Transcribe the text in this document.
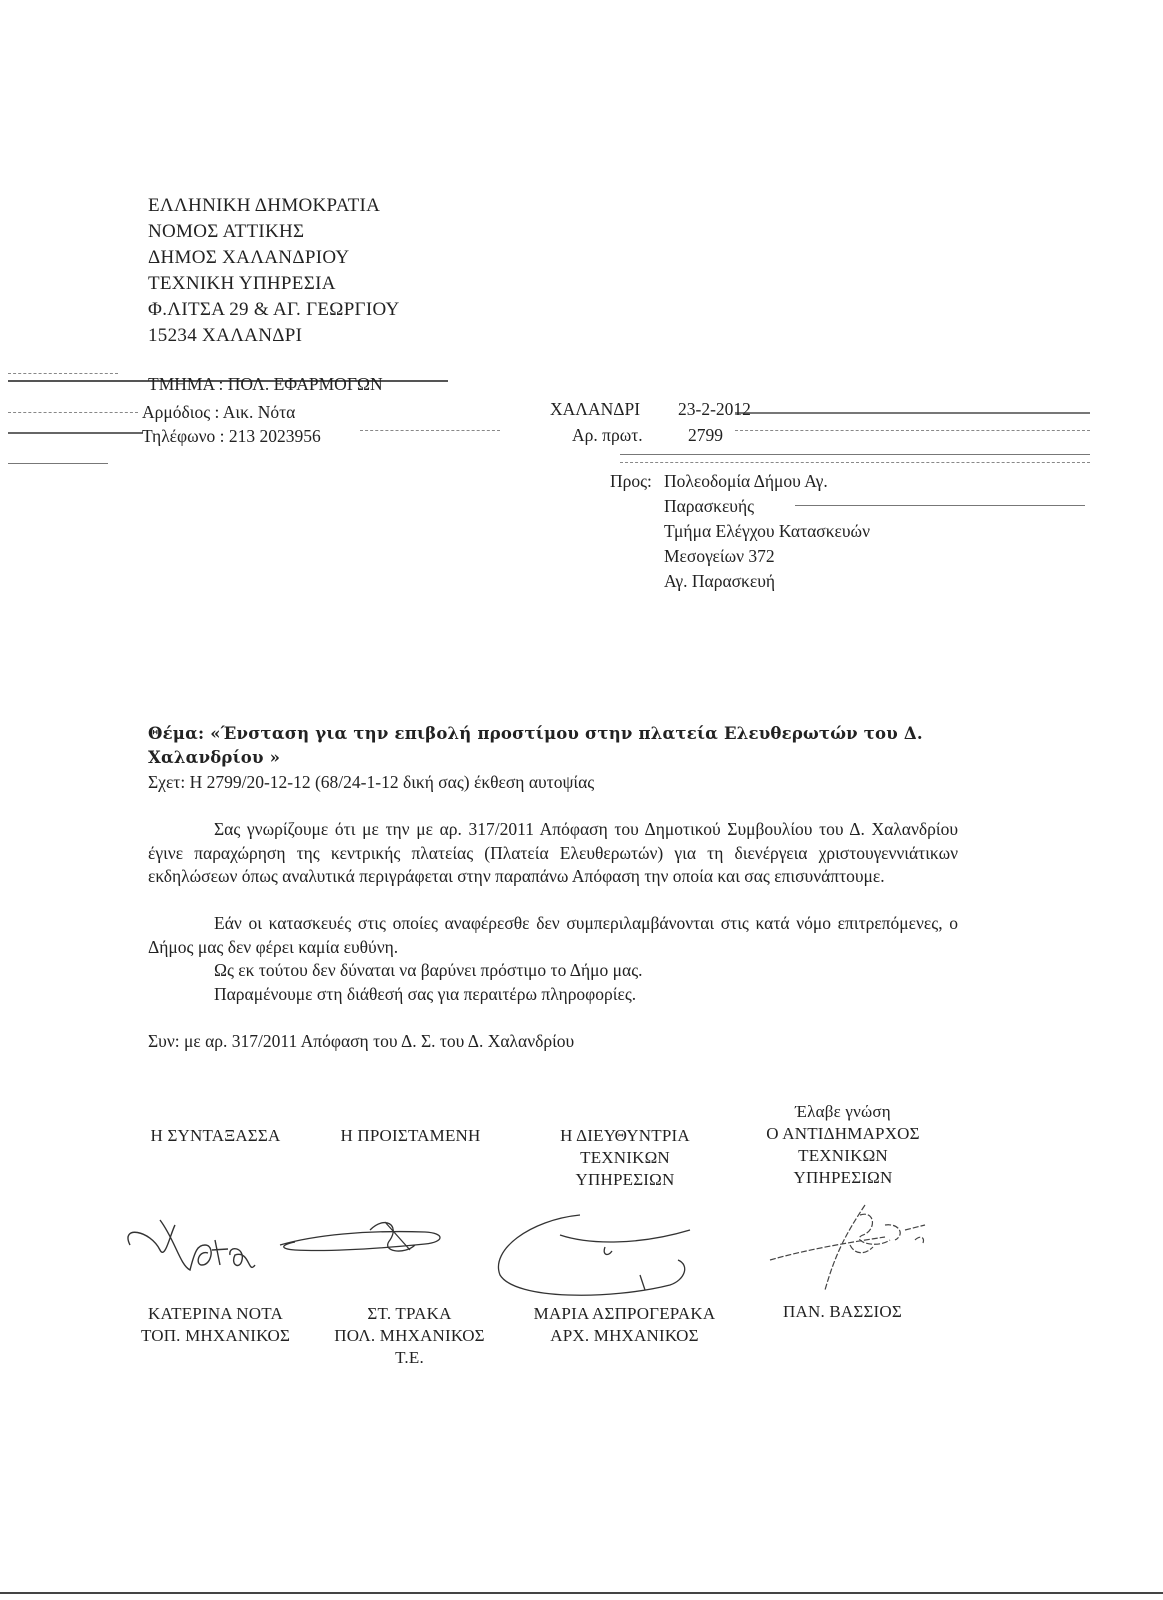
ΕΛΛΗΝΙΚΗ ΔΗΜΟΚΡΑΤΙΑ
ΝΟΜΟΣ ΑΤΤΙΚΗΣ
ΔΗΜΟΣ ΧΑΛΑΝΔΡΙΟΥ
ΤΕΧΝΙΚΗ ΥΠΗΡΕΣΙΑ
Φ.ΛΙΤΣΑ 29 & ΑΓ. ΓΕΩΡΓΙΟΥ
15234 ΧΑΛΑΝΔΡΙ
ΤΜΗΜΑ : ΠΟΛ. ΕΦΑΡΜΟΓΩΝ
Αρμόδιος : Αικ. Νότα
Τηλέφωνο : 213 2023956
ΧΑΛΑΝΔΡΙ 23-2-2012
Αρ. πρωτ.	2799
Προς: Πολεοδομία Δήμου Αγ.
Παρασκευής
Τμήμα Ελέγχου Κατασκευών
Μεσογείων 372
Αγ. Παρασκευή
Θέμα: «Ένσταση για την επιβολή προστίμου στην πλατεία Ελευθερωτών του Δ.
Χαλανδρίου »
Σχετ: Η 2799/20-12-12 (68/24-1-12 δική σας) έκθεση αυτοψίας
Σας γνωρίζουμε ότι με την με αρ. 317/2011 Απόφαση του Δημοτικού Συμβουλίου του Δ. Χαλανδρίου έγινε παραχώρηση της κεντρικής πλατείας (Πλατεία Ελευθερωτών) για τη διενέργεια χριστουγεννιάτικων εκδηλώσεων όπως αναλυτικά περιγράφεται στην παραπάνω Απόφαση την οποία και σας επισυνάπτουμε.
Εάν οι κατασκευές στις οποίες αναφέρεσθε δεν συμπεριλαμβάνονται στις κατά νόμο επιτρεπόμενες, ο Δήμος μας δεν φέρει καμία ευθύνη.
Ως εκ τούτου δεν δύναται να βαρύνει πρόστιμο το Δήμο μας.
Παραμένουμε στη διάθεσή σας για περαιτέρω πληροφορίες.
Συν: με αρ. 317/2011 Απόφαση του Δ. Σ. του Δ. Χαλανδρίου
Η ΣΥΝΤΑΞΑΣΣΑ	Η ΠΡΟΙΣΤΑΜΕΝΗ	Η ΔΙΕΥΘΥΝΤΡΙΑ
ΤΕΧΝΙΚΩΝ
ΥΠΗΡΕΣΙΩΝ
Έλαβε γνώση
Ο ΑΝΤΙΔΗΜΑΡΧΟΣ
ΤΕΧΝΙΚΩΝ
ΥΠΗΡΕΣΙΩΝ
ΚΑΤΕΡΙΝΑ ΝΟΤΑ
ΤΟΠ. ΜΗΧΑΝΙΚΟΣ
ΣΤ. ΤΡΑΚΑ
ΠΟΛ. ΜΗΧΑΝΙΚΟΣ
Τ.Ε.
ΜΑΡΙΑ ΑΣΠΡΟΓΕΡΑΚΑ
ΑΡΧ. ΜΗΧΑΝΙΚΟΣ
ΠΑΝ. ΒΑΣΣΙΟΣ
